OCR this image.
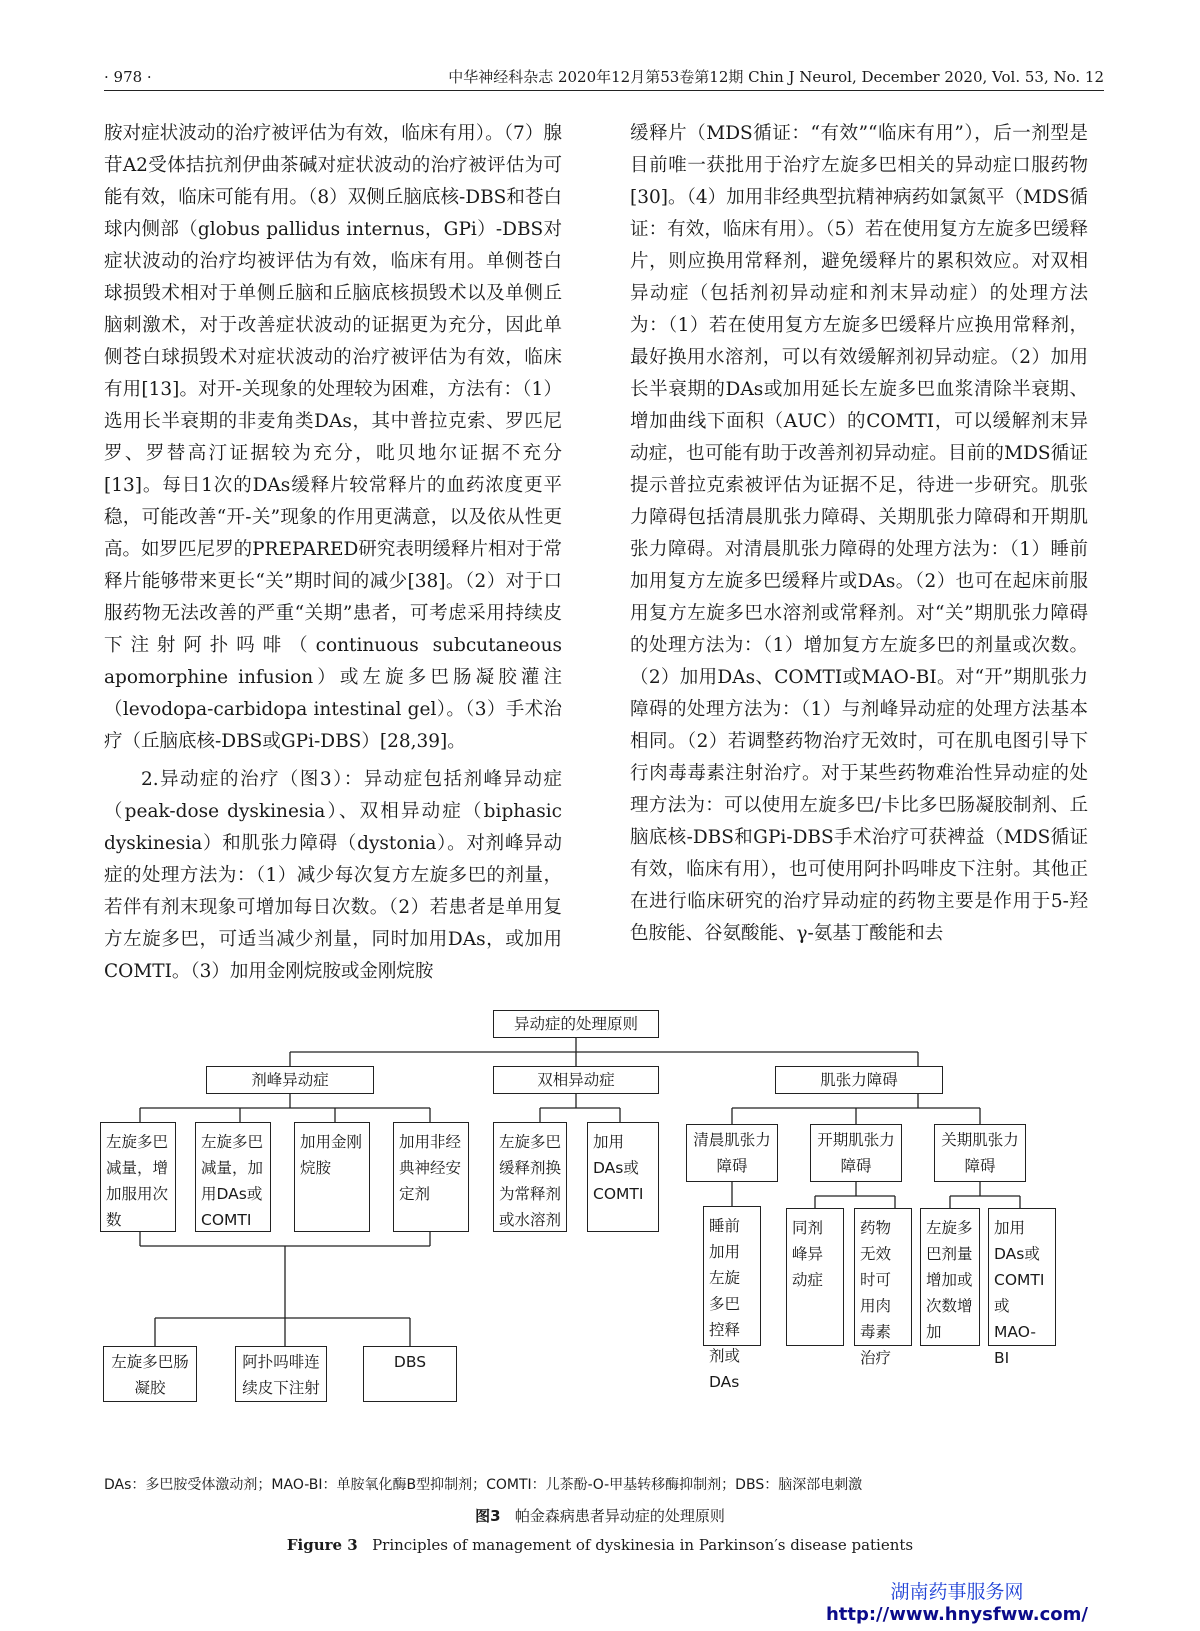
· 978 ·	中华神经科杂志 2020年12月第53卷第12期 Chin J Neurol, December 2020, Vol. 53, No. 12

胺对症状波动的治疗被评估为有效，临床有用）。（7）腺苷A2受体拮抗剂伊曲茶碱对症状波动的治疗被评估为可能有效，临床可能有用。（8）双侧丘脑底核-DBS和苍白球内侧部（globus pallidus internus，GPi）-DBS对症状波动的治疗均被评估为有效，临床有用。单侧苍白球损毁术相对于单侧丘脑和丘脑底核损毁术以及单侧丘脑刺激术，对于改善症状波动的证据更为充分，因此单侧苍白球损毁术对症状波动的治疗被评估为有效，临床有用[13]。对开-关现象的处理较为困难，方法有：（1）选用长半衰期的非麦角类DAs，其中普拉克索、罗匹尼罗、罗替高汀证据较为充分，吡贝地尔证据不充分[13]。每日1次的DAs缓释片较常释片的血药浓度更平稳，可能改善“开-关”现象的作用更满意，以及依从性更高。如罗匹尼罗的PREPARED研究表明缓释片相对于常释片能够带来更长“关”期时间的减少[38]。（2）对于口服药物无法改善的严重“关期”患者，可考虑采用持续皮下注射阿扑吗啡（continuous subcutaneous apomorphine infusion）或左旋多巴肠凝胶灌注（levodopa-carbidopa intestinal gel）。（3）手术治疗（丘脑底核-DBS或GPi-DBS）[28,39]。

2.异动症的治疗（图3）：异动症包括剂峰异动症（peak-dose dyskinesia）、双相异动症（biphasic dyskinesia）和肌张力障碍（dystonia）。对剂峰异动症的处理方法为：（1）减少每次复方左旋多巴的剂量，若伴有剂末现象可增加每日次数。（2）若患者是单用复方左旋多巴，可适当减少剂量，同时加用DAs，或加用COMTI。（3）加用金刚烷胺或金刚烷胺

缓释片（MDS循证：“有效”“临床有用”），后一剂型是目前唯一获批用于治疗左旋多巴相关的异动症口服药物[30]。（4）加用非经典型抗精神病药如氯氮平（MDS循证：有效，临床有用）。（5）若在使用复方左旋多巴缓释片，则应换用常释剂，避免缓释片的累积效应。对双相异动症（包括剂初异动症和剂末异动症）的处理方法为：（1）若在使用复方左旋多巴缓释片应换用常释剂，最好换用水溶剂，可以有效缓解剂初异动症。（2）加用长半衰期的DAs或加用延长左旋多巴血浆清除半衰期、增加曲线下面积（AUC）的COMTI，可以缓解剂末异动症，也可能有助于改善剂初异动症。目前的MDS循证提示普拉克索被评估为证据不足，待进一步研究。肌张力障碍包括清晨肌张力障碍、关期肌张力障碍和开期肌张力障碍。对清晨肌张力障碍的处理方法为：（1）睡前加用复方左旋多巴缓释片或DAs。（2）也可在起床前服用复方左旋多巴水溶剂或常释剂。对“关”期肌张力障碍的处理方法为：（1）增加复方左旋多巴的剂量或次数。（2）加用DAs、COMTI或MAO-BI。对“开”期肌张力障碍的处理方法为：（1）与剂峰异动症的处理方法基本相同。（2）若调整药物治疗无效时，可在肌电图引导下行肉毒毒素注射治疗。对于某些药物难治性异动症的处理方法为：可以使用左旋多巴/卡比多巴肠凝胶制剂、丘脑底核-DBS和GPi-DBS手术治疗可获裨益（MDS循证有效，临床有用），也可使用阿扑吗啡皮下注射。其他正在进行临床研究的治疗异动症的药物主要是作用于5-羟色胺能、谷氨酸能、γ-氨基丁酸能和去

异动症的处理原则
剂峰异动症	双相异动症	肌张力障碍
左旋多巴减量，增加服用次数
左旋多巴减量，加用DAs或COMTI
加用金刚烷胺
加用非经典神经安定剂
左旋多巴缓释剂换为常释剂或水溶剂
加用DAs或COMTI
清晨肌张力障碍
开期肌张力障碍
关期肌张力障碍
睡前加用左旋多巴控释剂或DAs
同剂峰异动症
药物无效时可用肉毒素治疗
左旋多巴剂量增加或次数增加
加用DAs或COMTI或MAO-BI
左旋多巴肠凝胶
阿扑吗啡连续皮下注射
DBS
DAs：多巴胺受体激动剂；MAO-BI：单胺氧化酶B型抑制剂；COMTI：儿茶酚-O-甲基转移酶抑制剂；DBS：脑深部电刺激
图3 帕金森病患者异动症的处理原则
Figure 3 Principles of management of dyskinesia in Parkinson′s disease patients
湖南药事服务网
http://www.hnysfww.com/
